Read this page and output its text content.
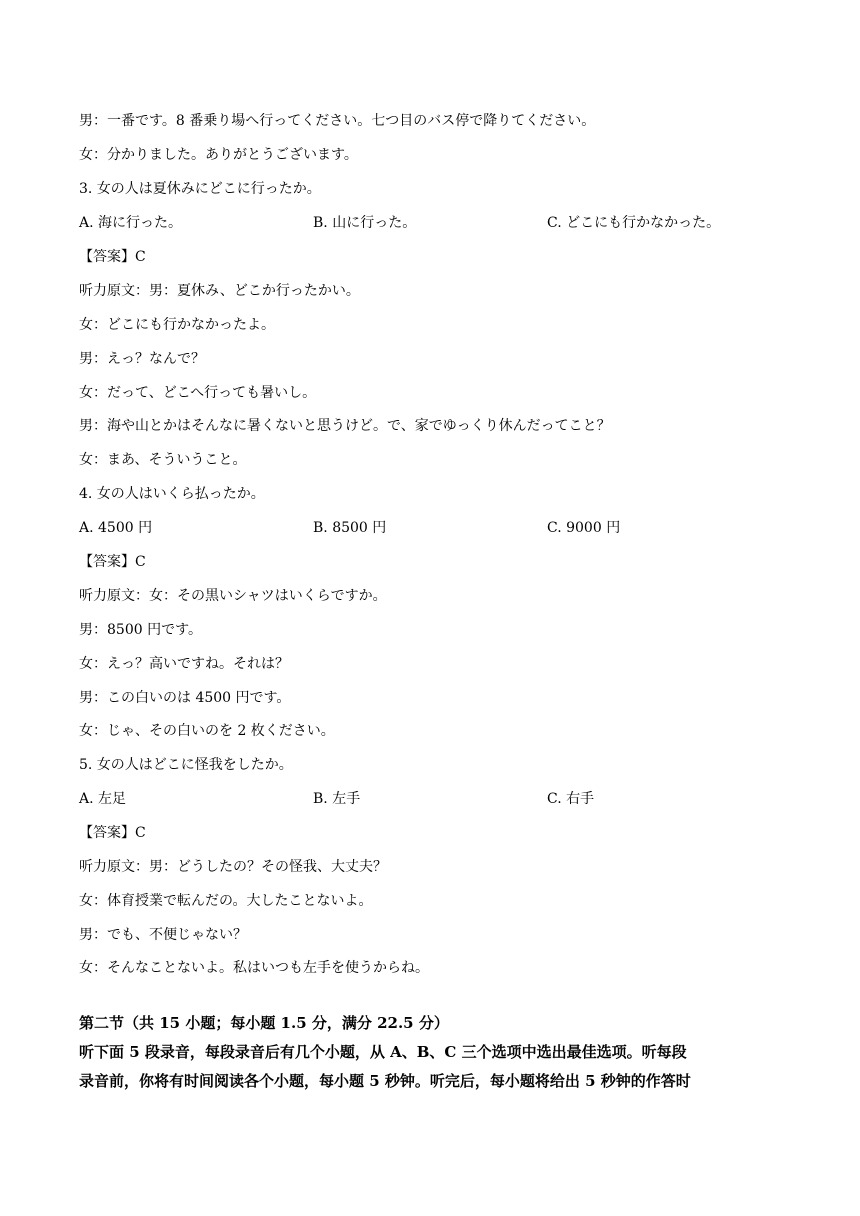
男：一番です。8 番乗り場へ行ってください。七つ目のバス停で降りてください。
女：分かりました。ありがとうございます。
3. 女の人は夏休みにどこに行ったか。
A. 海に行った。	B. 山に行った。	C. どこにも行かなかった。
【答案】C
听力原文：男：夏休み、どこか行ったかい。
女：どこにも行かなかったよ。
男：えっ？なんで？
女：だって、どこへ行っても暑いし。
男：海や山とかはそんなに暑くないと思うけど。で、家でゆっくり休んだってこと？
女：まあ、そういうこと。
4. 女の人はいくら払ったか。
A. 4500 円	B. 8500 円	C. 9000 円
【答案】C
听力原文：女：その黒いシャツはいくらですか。
男：8500 円です。
女：えっ？高いですね。それは？
男：この白いのは 4500 円です。
女：じゃ、その白いのを 2 枚ください。
5. 女の人はどこに怪我をしたか。
A. 左足	B. 左手	C. 右手
【答案】C
听力原文：男：どうしたの？その怪我、大丈夫？
女：体育授業で転んだの。大したことないよ。
男：でも、不便じゃない？
女：そんなことないよ。私はいつも左手を使うからね。
第二节（共 15 小题；每小题 1.5 分，满分 22.5 分）
听下面 5 段录音，每段录音后有几个小题，从 A、B、C 三个选项中选出最佳选项。听每段
录音前，你将有时间阅读各个小题，每小题 5 秒钟。听完后，每小题将给出 5 秒钟的作答时
